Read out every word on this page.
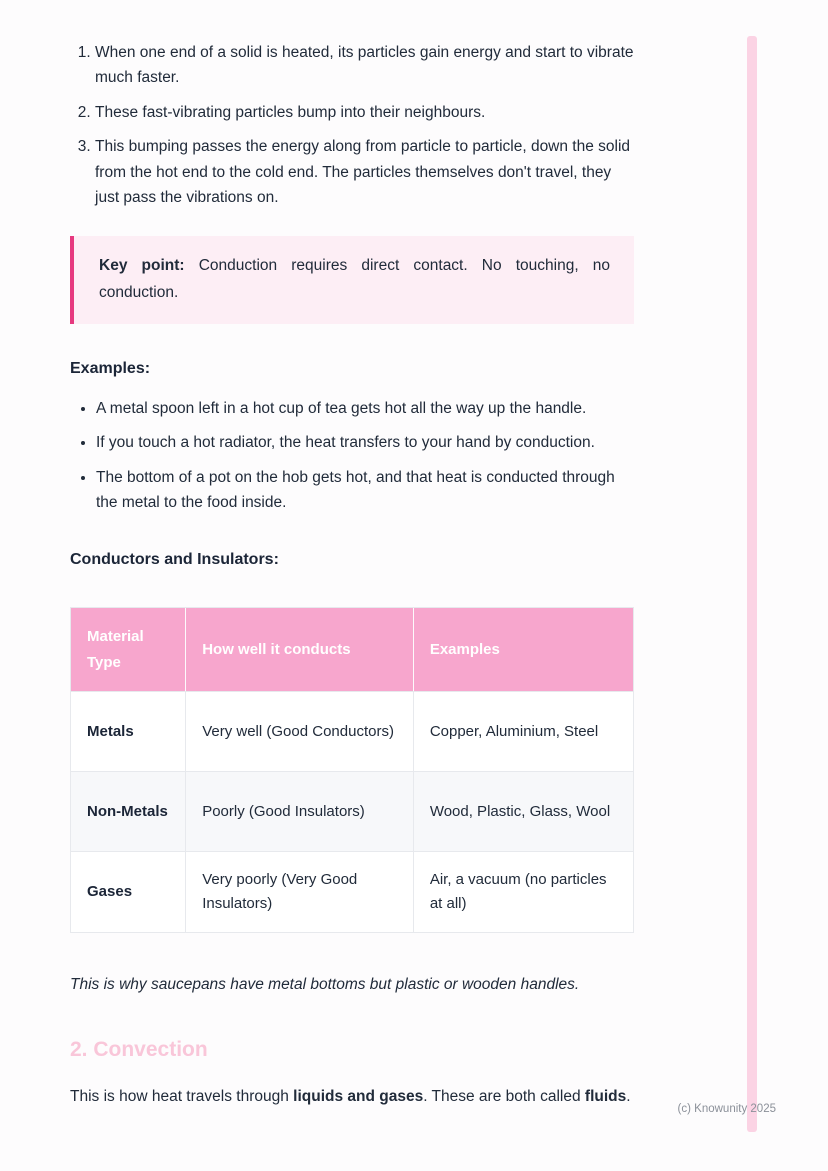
1. When one end of a solid is heated, its particles gain energy and start to vibrate much faster.
2. These fast-vibrating particles bump into their neighbours.
3. This bumping passes the energy along from particle to particle, down the solid from the hot end to the cold end. The particles themselves don't travel, they just pass the vibrations on.

Key point: Conduction requires direct contact. No touching, no conduction.

Examples:
• A metal spoon left in a hot cup of tea gets hot all the way up the handle.
• If you touch a hot radiator, the heat transfers to your hand by conduction.
• The bottom of a pot on the hob gets hot, and that heat is conducted through the metal to the food inside.
Conductors and Insulators:
Material Type	How well it conducts	Examples
Metals	Very well (Good Conductors)	Copper, Aluminium, Steel
Non-Metals	Poorly (Good Insulators)	Wood, Plastic, Glass, Wool
Gases	Very poorly (Very Good Insulators)	Air, a vacuum (no particles at all)

This is why saucepans have metal bottoms but plastic or wooden handles.

2. Convection

This is how heat travels through liquids and gases. These are both called fluids.

(c) Knowunity 2025
